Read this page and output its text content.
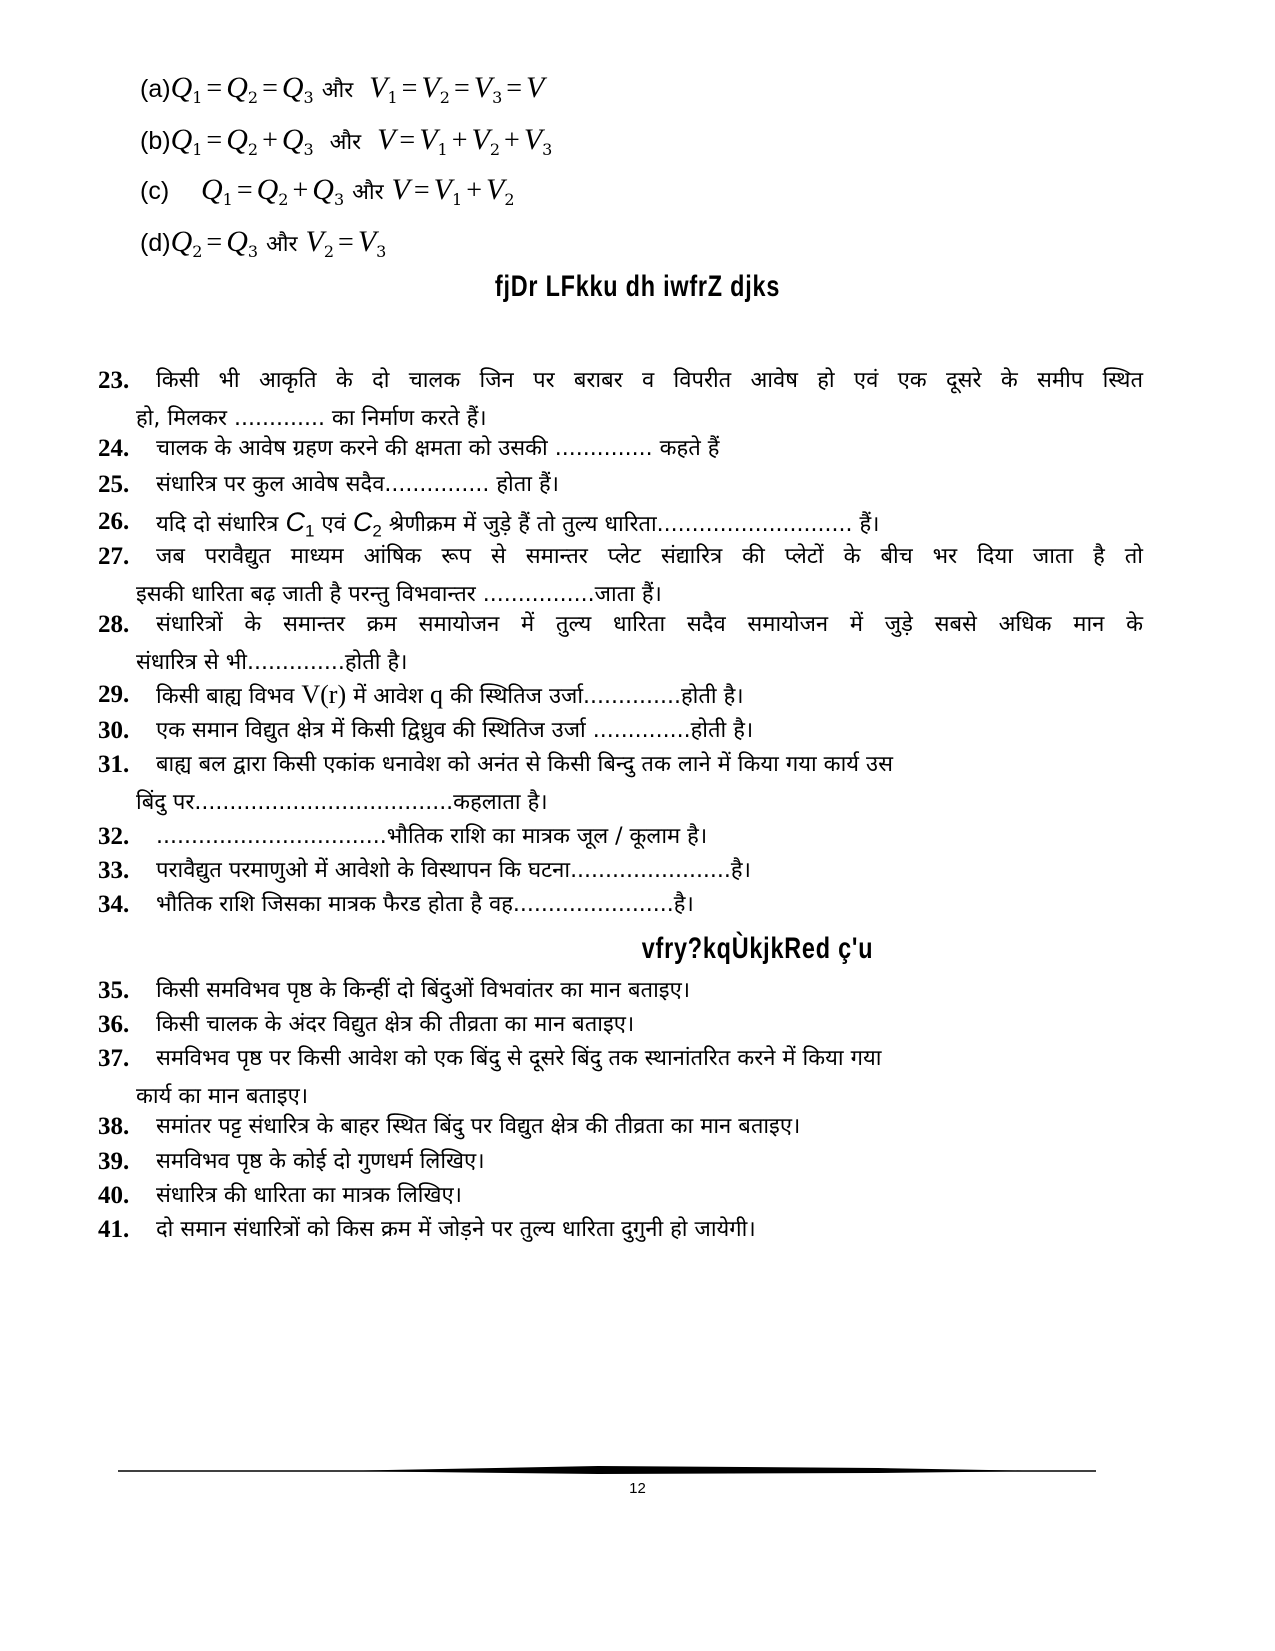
$(a)Q_1 = Q_2 = Q_3$ और $V_1 = V_2 = V_3 = V$
$(b)Q_1 = Q_2 + Q_3$ और $V = V_1 + V_2 + V_3$
(c) $Q_1 = Q_2 + Q_3$ और $V = V_1 + V_2$
$(d)Q_2 = Q_3$ और $V_2 = V_3$
fjDr LFkku dh iwfrZ djks
23. किसी भी आकृति के दो चालक जिन पर बराबर व विपरीत आवेष हो एवं एक दूसरे के समीप स्थित
हो, मिलकर ............. का निर्माण करते हैं।
24. चालक के आवेष ग्रहण करने की क्षमता को उसकी .............. कहते हैं
25. संधारित्र पर कुल आवेष सदैव............... होता हैं।
26. यदि दो संधारित्र $C_1$ एवं $C_2$ श्रेणीक्रम में जुड़े हैं तो तुल्य धारिता............................ हैं।
27. जब परावैद्युत माध्यम आंषिक रूप से समान्तर प्लेट संद्यारित्र की प्लेटों के बीच भर दिया जाता है तो
इसकी धारिता बढ़ जाती है परन्तु विभवान्तर ................जाता हैं।
28. संधारित्रों के समान्तर क्रम समायोजन में तुल्य धारिता सदैव समायोजन में जुड़े सबसे अधिक मान के
संधारित्र से भी..............होती है।
29. किसी बाह्य विभव V(r) में आवेश q की स्थितिज उर्जा..............होती है।
30. एक समान विद्युत क्षेत्र में किसी द्विध्रुव की स्थितिज उर्जा ..............होती है।
31. बाह्य बल द्वारा किसी एकांक धनावेश को अनंत से किसी बिन्दु तक लाने में किया गया कार्य उस
बिंदु पर.....................................कहलाता है।
32. .................................भौतिक राशि का मात्रक जूल / कूलाम है।
33. परावैद्युत परमाणुओ में आवेशो के विस्थापन कि घटना.......................है।
34. भौतिक राशि जिसका मात्रक फैरड होता है वह.......................है।
vfry?kqÙkjkRed ç'u
35. किसी समविभव पृष्ठ के किन्हीं दो बिंदुओं विभवांतर का मान बताइए।
36. किसी चालक के अंदर विद्युत क्षेत्र की तीव्रता का मान बताइए।
37. समविभव पृष्ठ पर किसी आवेश को एक बिंदु से दूसरे बिंदु तक स्थानांतरित करने में किया गया
कार्य का मान बताइए।
38. समांतर पट्ट संधारित्र के बाहर स्थित बिंदु पर विद्युत क्षेत्र की तीव्रता का मान बताइए।
39. समविभव पृष्ठ के कोई दो गुणधर्म लिखिए।
40. संधारित्र की धारिता का मात्रक लिखिए।
41. दो समान संधारित्रों को किस क्रम में जोड़ने पर तुल्य धारिता दुगुनी हो जायेगी।
12
